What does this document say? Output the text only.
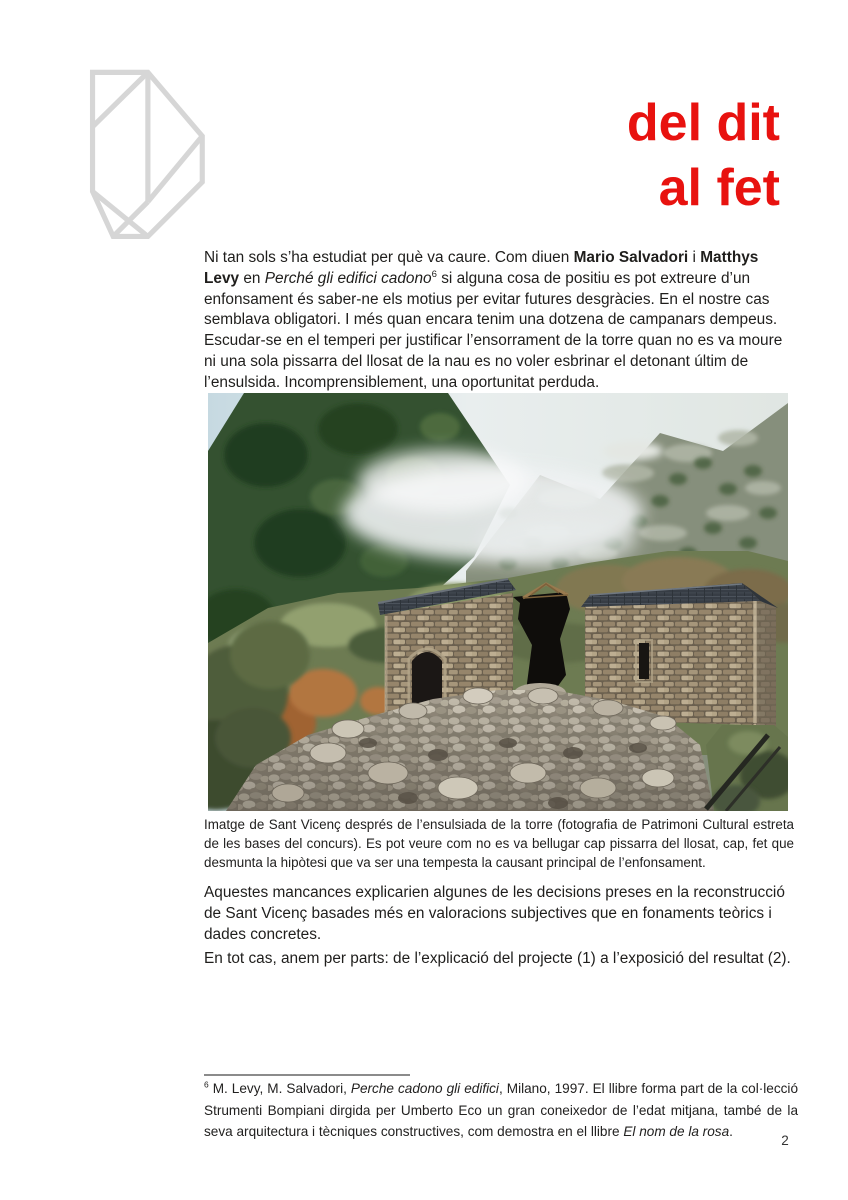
del dit
al fet

Ni tan sols s’ha estudiat per què va caure. Com diuen Mario Salvadori i Matthys Levy en Perché gli edifici cadono$^6$ si alguna cosa de positiu es pot extreure d’un enfonsament és saber-ne els motius per evitar futures desgràcies. En el nostre cas semblava obligatori. I més quan encara tenim una dotzena de campanars dempeus. Escudar-se en el temperi per justificar l’ensorrament de la torre quan no es va moure ni una sola pissarra del llosat de la nau es no voler esbrinar el detonant últim de l’ensulsida. Incomprensiblement, una oportunitat perduda.

Imatge de Sant Vicenç després de l’ensulsiada de la torre (fotografia de Patrimoni Cultural estreta de les bases del concurs). Es pot veure com no es va bellugar cap pissarra del llosat, cap, fet que desmunta la hipòtesi que va ser una tempesta la causant principal de l’enfonsament.

Aquestes mancances explicarien algunes de les decisions preses en la reconstrucció de Sant Vicenç basades més en valoracions subjectives que en fonaments teòrics i dades concretes.

En tot cas, anem per parts: de l’explicació del projecte (1) a l’exposició del resultat (2).

$^6$ M. Levy, M. Salvadori, Perche cadono gli edifici, Milano, 1997. El llibre forma part de la col·lecció Strumenti Bompiani dirgida per Umberto Eco un gran coneixedor de l’edat mitjana, també de la seva arquitectura i tècniques constructives, com demostra en el llibre El nom de la rosa.

2
